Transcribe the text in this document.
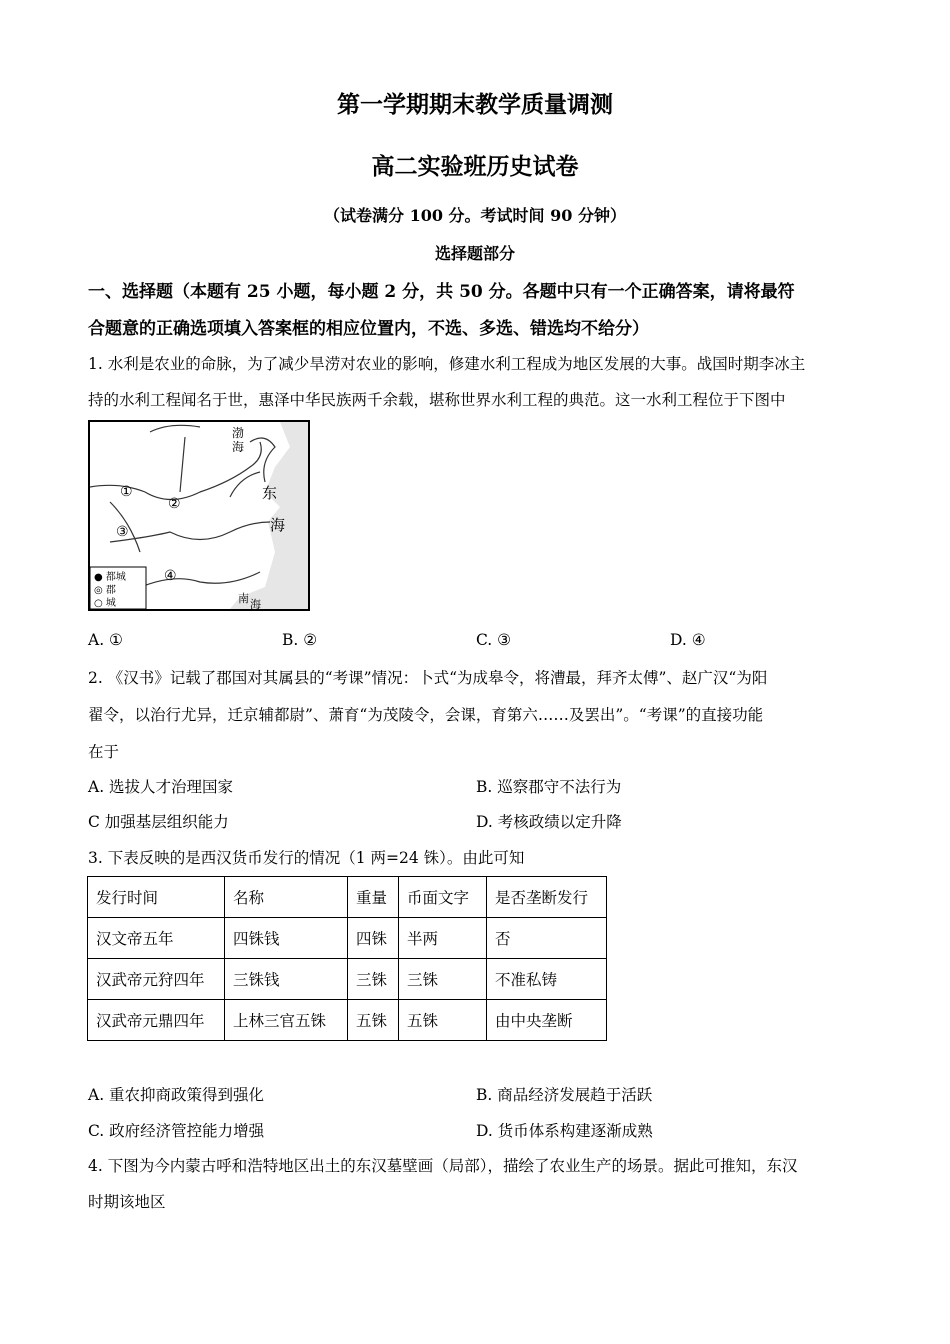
第一学期期末教学质量调测
高二实验班历史试卷
（试卷满分 100 分。考试时间 90 分钟）
选择题部分
一、选择题（本题有 25 小题，每小题 2 分，共 50 分。各题中只有一个正确答案，请将最符
合题意的正确选项填入答案框的相应位置内，不选、多选、错选均不给分）
1. 水利是农业的命脉，为了减少旱涝对农业的影响，修建水利工程成为地区发展的大事。战国时期李冰主
持的水利工程闻名于世，惠泽中华民族两千余载，堪称世界水利工程的典范。这一水利工程位于下图中
渤
海
东
海
南 海
①
②
③
④
● 都城
◎ 郡
○ 城
A. ①	B. ②	C. ③	D. ④
2. 《汉书》记载了郡国对其属县的“考课”情况：卜式“为成皋令，将漕最，拜齐太傅”、赵广汉“为阳
翟令，以治行尤异，迁京辅都尉”、萧育“为茂陵令，会课，育第六……及罢出”。“考课”的直接功能
在于
A. 选拔人才治理国家	B. 巡察郡守不法行为
C 加强基层组织能力	D. 考核政绩以定升降
3. 下表反映的是西汉货币发行的情况（1 两=24 铢）。由此可知
发行时间	名称	重量	币面文字	是否垄断发行
汉文帝五年	四铢钱	四铢	半两	否
汉武帝元狩四年	三铢钱	三铢	三铢	不准私铸
汉武帝元鼎四年	上林三官五铢	五铢	五铢	由中央垄断
A. 重农抑商政策得到强化	B. 商品经济发展趋于活跃
C. 政府经济管控能力增强	D. 货币体系构建逐渐成熟
4. 下图为今内蒙古呼和浩特地区出土的东汉墓壁画（局部），描绘了农业生产的场景。据此可推知，东汉
时期该地区
